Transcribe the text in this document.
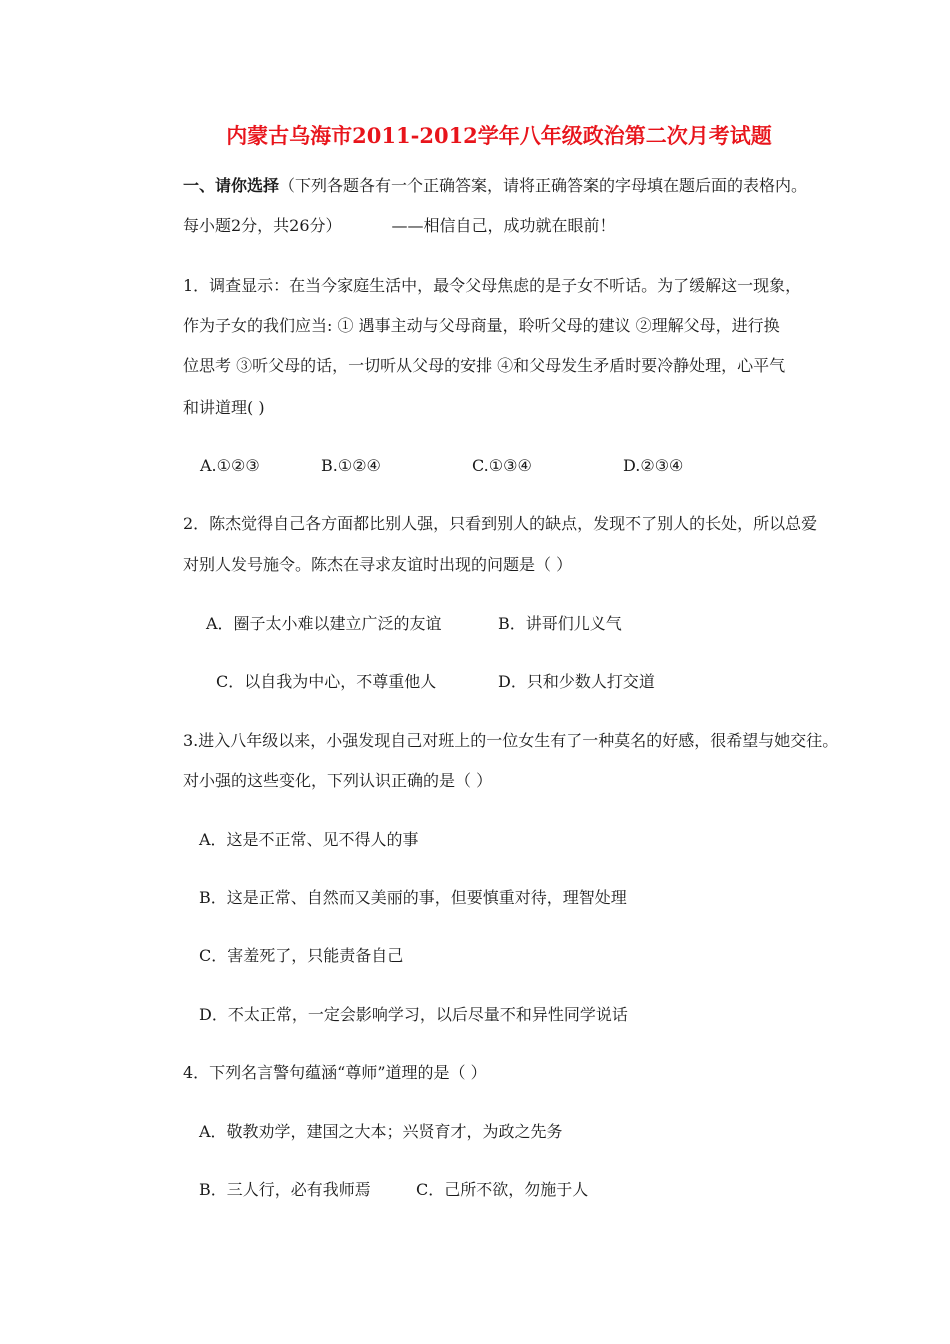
内蒙古乌海市2011-2012学年八年级政治第二次月考试题
一、请你选择（下列各题各有一个正确答案，请将正确答案的字母填在题后面的表格内。
每小题2分，共26分）	——相信自己，成功就在眼前！
1．调查显示：在当今家庭生活中，最令父母焦虑的是子女不听话。为了缓解这一现象，
作为子女的我们应当: ① 遇事主动与父母商量，聆听父母的建议 ②理解父母，进行换
位思考 ③听父母的话，一切听从父母的安排 ④和父母发生矛盾时要冷静处理，心平气
和讲道理( )
A.①②③	B.①②④	C.①③④	D.②③④
2．陈杰觉得自己各方面都比别人强，只看到别人的缺点，发现不了别人的长处，所以总爱
对别人发号施令。陈杰在寻求友谊时出现的问题是（ ）
A．圈子太小难以建立广泛的友谊	B．讲哥们儿义气
C．以自我为中心，不尊重他人	D．只和少数人打交道
3.进入八年级以来，小强发现自己对班上的一位女生有了一种莫名的好感，很希望与她交往。
对小强的这些变化，下列认识正确的是（ ）
A．这是不正常、见不得人的事
B．这是正常、自然而又美丽的事，但要慎重对待，理智处理
C．害羞死了，只能责备自己
D．不太正常，一定会影响学习，以后尽量不和异性同学说话
4．下列名言警句蕴涵“尊师”道理的是（ ）
A．敬教劝学，建国之大本；兴贤育才，为政之先务
B．三人行，必有我师焉	C．己所不欲，勿施于人
